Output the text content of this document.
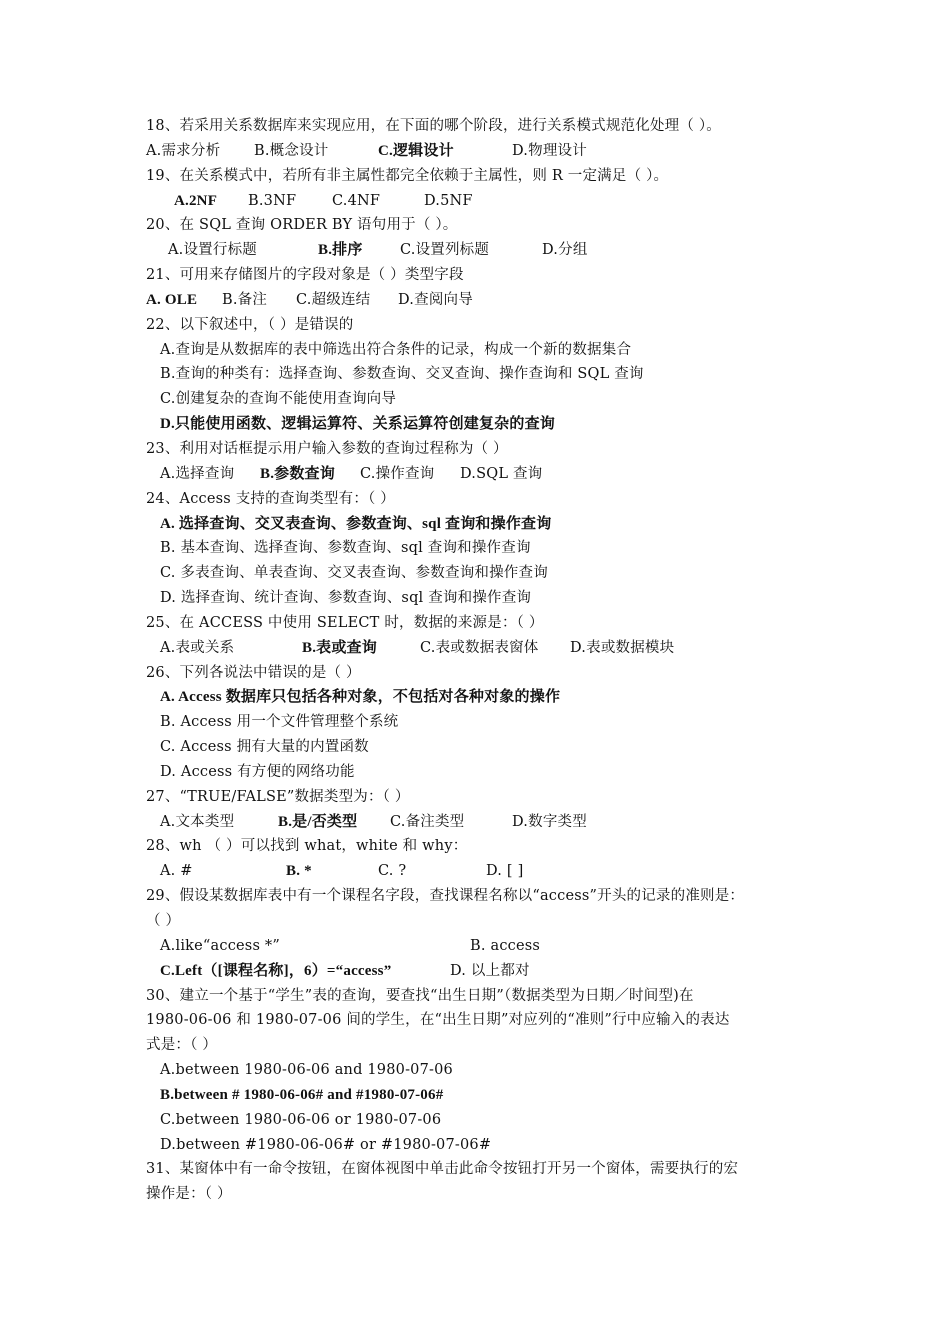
18、若采用关系数据库来实现应用，在下面的哪个阶段，进行关系模式规范化处理（ ）。
A.需求分析 B.概念设计	C.逻辑设计	D.物理设计
19、在关系模式中，若所有非主属性都完全依赖于主属性，则 R 一定满足（ ）。
A.2NF B.3NF C.4NF	D.5NF
20、在 SQL 查询 ORDER BY 语句用于（ ）。
A.设置行标题	B.排序	C.设置列标题	D.分组
21、可用来存储图片的字段对象是（ ）类型字段
A. OLE B.备注 C.超级连结 D.查阅向导
22、以下叙述中，（ ）是错误的
A.查询是从数据库的表中筛选出符合条件的记录，构成一个新的数据集合
B.查询的种类有：选择查询、参数查询、交叉查询、操作查询和 SQL 查询
C.创建复杂的查询不能使用查询向导
D.只能使用函数、逻辑运算符、关系运算符创建复杂的查询
23、利用对话框提示用户输入参数的查询过程称为（ ）
A.选择查询 B.参数查询 C.操作查询 D.SQL 查询
24、Access 支持的查询类型有：（ ）
A. 选择查询、交叉表查询、参数查询、sql 查询和操作查询
B. 基本查询、选择查询、参数查询、sql 查询和操作查询
C. 多表查询、单表查询、交叉表查询、参数查询和操作查询
D. 选择查询、统计查询、参数查询、sql 查询和操作查询
25、在 ACCESS 中使用 SELECT 时，数据的来源是：（ ）
A.表或关系	B.表或查询	C.表或数据表窗体 D.表或数据模块
26、下列各说法中错误的是（ ）
A. Access 数据库只包括各种对象，不包括对各种对象的操作
B. Access 用一个文件管理整个系统
C. Access 拥有大量的内置函数
D. Access 有方便的网络功能
27、“TRUE/FALSE”数据类型为：（ ）
A.文本类型	B.是/否类型 C.备注类型	D.数字类型
28、wh （ ）可以找到 what，white 和 why：
A. #	B. *	C. ?	D. [ ]
29、假设某数据库表中有一个课程名字段，查找课程名称以“access”开头的记录的准则是：
（ ）
A.like“access *”	B. access
C.Left（[课程名称]，6）=“access”	D. 以上都对
30、建立一个基于“学生”表的查询，要查找“出生日期”（数据类型为日期／时间型)在
1980-06-06 和 1980-07-06 间的学生，在“出生日期”对应列的“准则”行中应输入的表达
式是：（ ）
A.between 1980-06-06 and 1980-07-06
B.between # 1980-06-06# and #1980-07-06#
C.between 1980-06-06 or 1980-07-06
D.between #1980-06-06# or #1980-07-06#
31、某窗体中有一命令按钮，在窗体视图中单击此命令按钮打开另一个窗体，需要执行的宏
操作是：（ ）
